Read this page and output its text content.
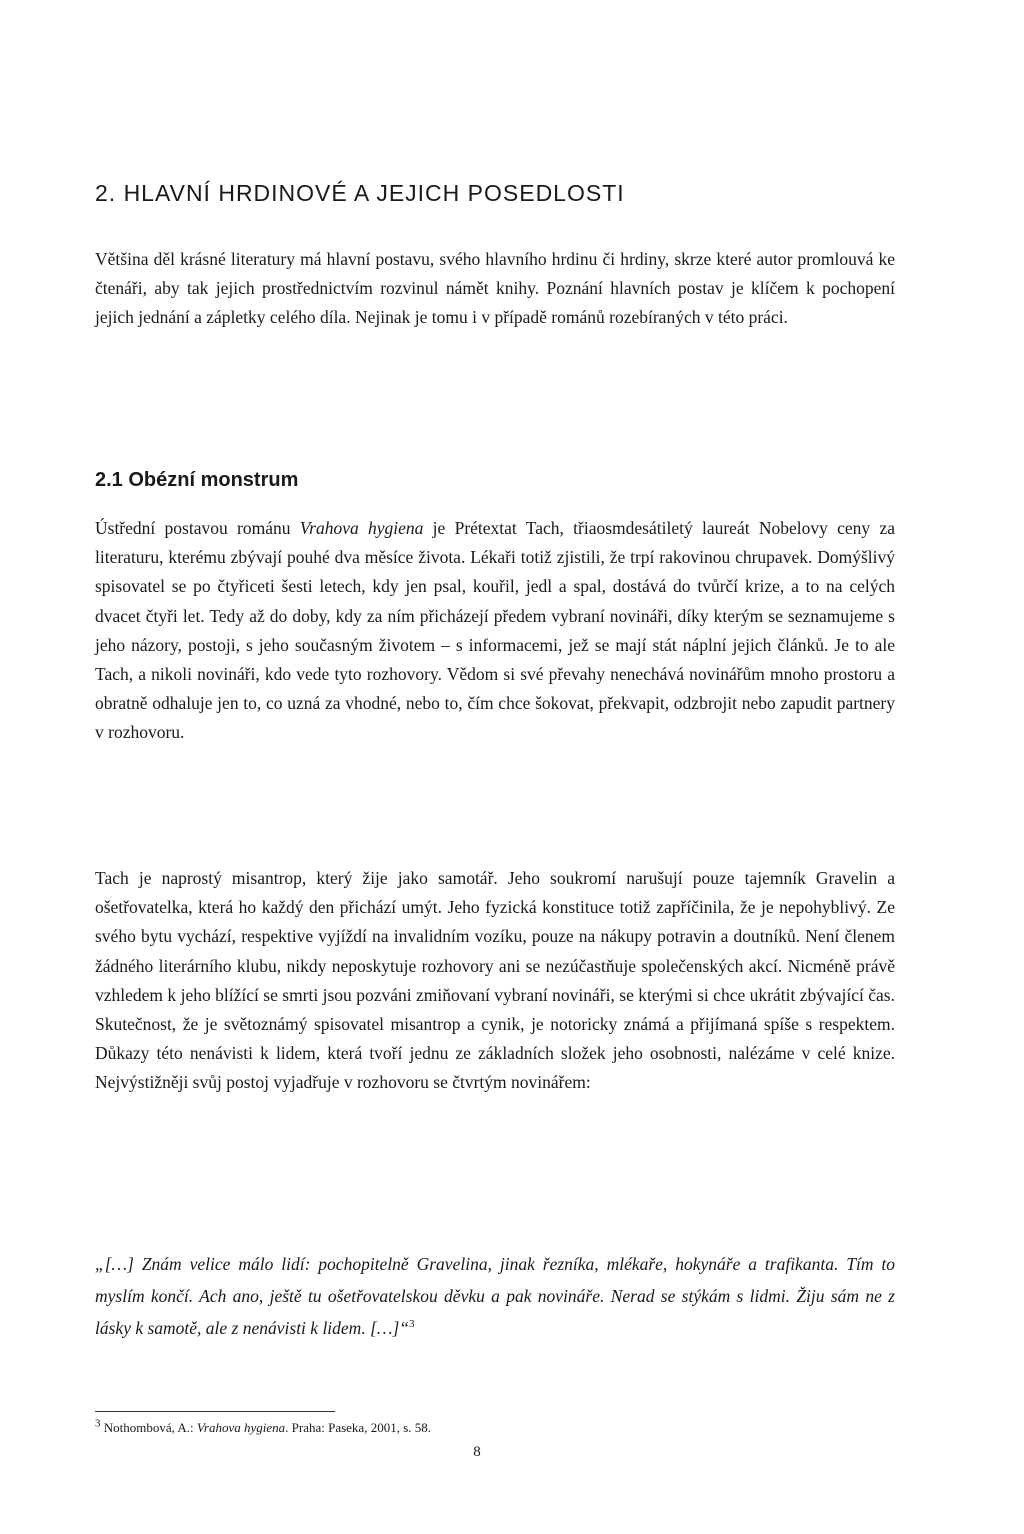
2. HLAVNÍ HRDINOVÉ A JEJICH POSEDLOSTI

Většina děl krásné literatury má hlavní postavu, svého hlavního hrdinu či hrdiny, skrze které autor promlouvá ke čtenáři, aby tak jejich prostřednictvím rozvinul námět knihy. Poznání hlavních postav je klíčem k pochopení jejich jednání a zápletky celého díla. Nejinak je tomu i v případě románů rozebíraných v této práci.

2.1 Obézní monstrum

Ústřední postavou románu Vrahova hygiena je Prétextat Tach, třiaosmdesátiletý laureát Nobelovy ceny za literaturu, kterému zbývají pouhé dva měsíce života. Lékaři totiž zjistili, že trpí rakovinou chrupavek. Domýšlivý spisovatel se po čtyřiceti šesti letech, kdy jen psal, kouřil, jedl a spal, dostává do tvůrčí krize, a to na celých dvacet čtyři let. Tedy až do doby, kdy za ním přicházejí předem vybraní novináři, díky kterým se seznamujeme s jeho názory, postoji, s jeho současným životem – s informacemi, jež se mají stát náplní jejich článků. Je to ale Tach, a nikoli novináři, kdo vede tyto rozhovory. Vědom si své převahy nenechává novinářům mnoho prostoru a obratně odhaluje jen to, co uzná za vhodné, nebo to, čím chce šokovat, překvapit, odzbrojit nebo zapudit partnery v rozhovoru.

Tach je naprostý misantrop, který žije jako samotář. Jeho soukromí narušují pouze tajemník Gravelin a ošetřovatelka, která ho každý den přichází umýt. Jeho fyzická konstituce totiž zapříčinila, že je nepohyblivý. Ze svého bytu vychází, respektive vyjíždí na invalidním vozíku, pouze na nákupy potravin a doutníků. Není členem žádného literárního klubu, nikdy neposkytuje rozhovory ani se nezúčastňuje společenských akcí. Nicméně právě vzhledem k jeho blížící se smrti jsou pozváni zmiňovaní vybraní novináři, se kterými si chce ukrátit zbývající čas. Skutečnost, že je světoznámý spisovatel misantrop a cynik, je notoricky známá a přijímaná spíše s respektem. Důkazy této nenávisti k lidem, která tvoří jednu ze základních složek jeho osobnosti, nalézáme v celé knize. Nejvýstižněji svůj postoj vyjadřuje v rozhovoru se čtvrtým novinářem:

„[…] Znám velice málo lidí: pochopitelně Gravelina, jinak řezníka, mlékaře, hokynáře a trafikanta. Tím to myslím končí. Ach ano, ještě tu ošetřovatelskou děvku a pak novináře. Nerad se stýkám s lidmi. Žiju sám ne z lásky k samotě, ale z nenávisti k lidem. […]“$^3$

$^3$ Nothombová, A.: Vrahova hygiena. Praha: Paseka, 2001, s. 58.

8
